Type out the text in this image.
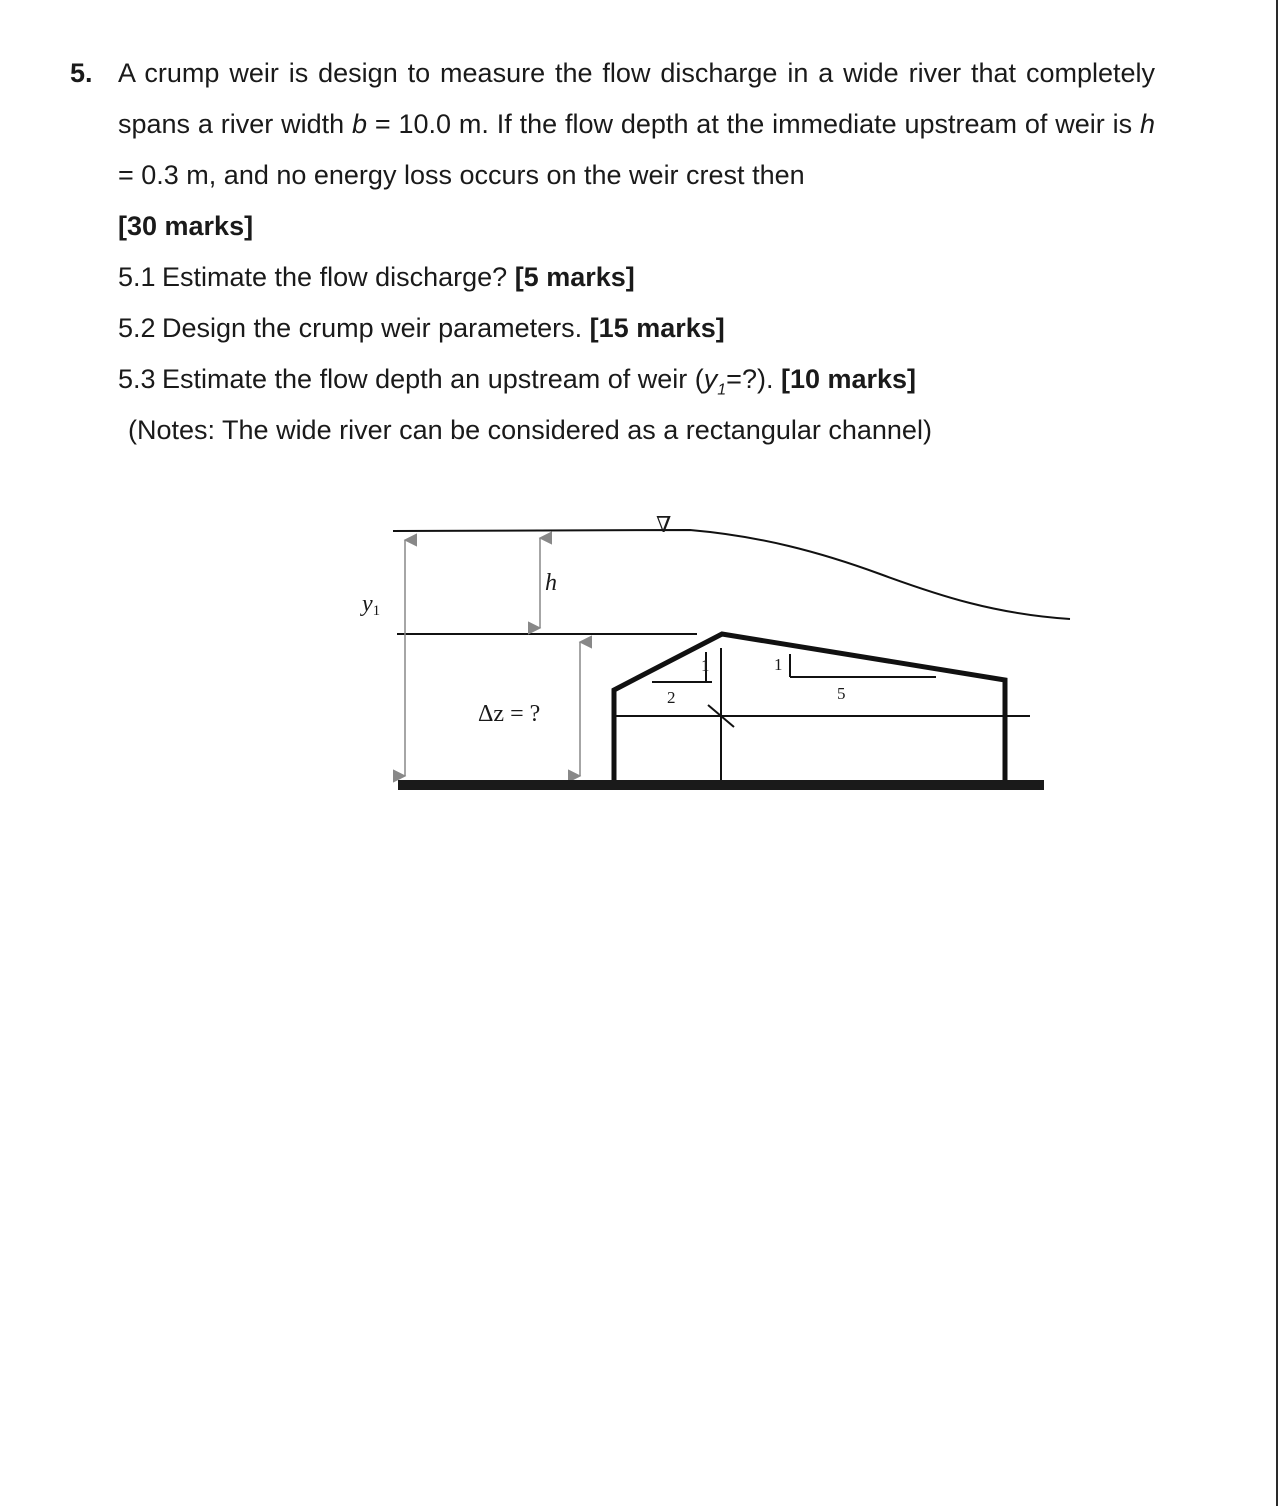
5. A crump weir is design to measure the flow discharge in a wide river that completely spans a river width b = 10.0 m. If the flow depth at the immediate upstream of weir is h = 0.3 m, and no energy loss occurs on the weir crest then
[30 marks]
5.1 Estimate the flow discharge? [5 marks]
5.2 Design the crump weir parameters. [15 marks]
5.3 Estimate the flow depth an upstream of weir $(y_1=?)$. [10 marks]
(Notes: The wide river can be considered as a rectangular channel)
∇
y1
h
Δz = ?
1
2
1
5
